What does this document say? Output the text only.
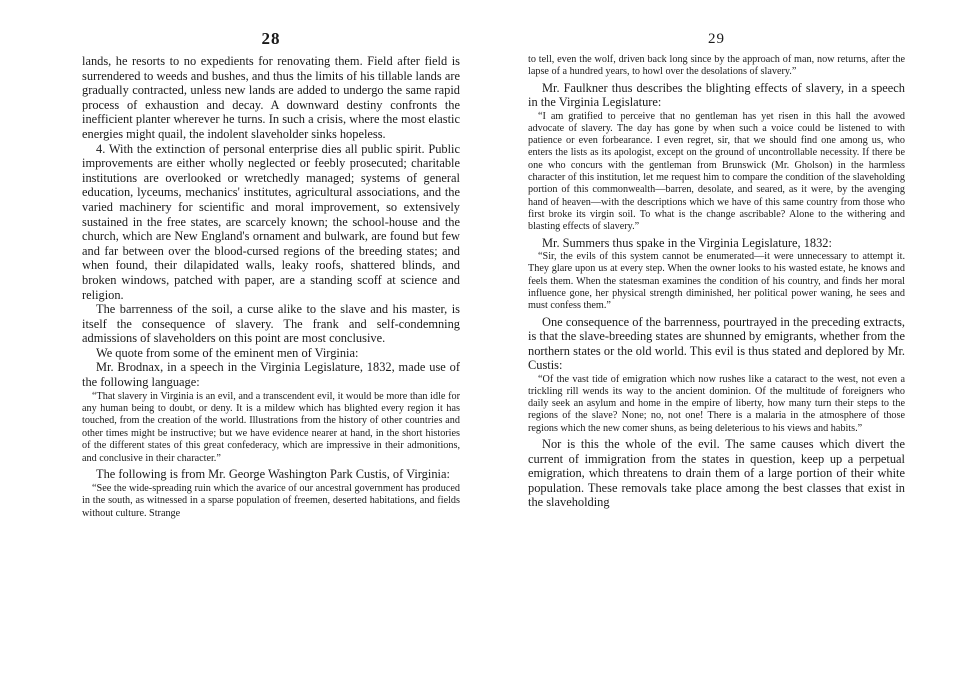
28

lands, he resorts to no expedients for renovating them. Field after field is surrendered to weeds and bushes, and thus the limits of his tillable lands are gradually contracted, unless new lands are added to undergo the same rapid process of exhaustion and decay. A downward destiny confronts the inefficient planter wherever he turns. In such a crisis, where the most elastic energies might quail, the indolent slaveholder sinks hopeless.

4. With the extinction of personal enterprise dies all public spirit. Public improvements are either wholly neglected or feebly prosecuted; charitable institutions are overlooked or wretchedly managed; systems of general education, lyceums, mechanics' institutes, agricultural associations, and the varied machinery for scientific and moral improvement, so extensively sustained in the free states, are scarcely known; the school-house and the church, which are New England's ornament and bulwark, are found but few and far between over the blood-cursed regions of the breeding states; and when found, their dilapidated walls, leaky roofs, shattered blinds, and broken windows, patched with paper, are a standing scoff at science and religion.

The barrenness of the soil, a curse alike to the slave and his master, is itself the consequence of slavery. The frank and self-condemning admissions of slaveholders on this point are most conclusive.

We quote from some of the eminent men of Virginia:

Mr. Brodnax, in a speech in the Virginia Legislature, 1832, made use of the following language:

“That slavery in Virginia is an evil, and a transcendent evil, it would be more than idle for any human being to doubt, or deny. It is a mildew which has blighted every region it has touched, from the creation of the world. Illustrations from the history of other countries and other times might be instructive; but we have evidence nearer at hand, in the short histories of the different states of this great confederacy, which are impressive in their admonitions, and conclusive in their character.”

The following is from Mr. George Washington Park Custis, of Virginia:

“See the wide-spreading ruin which the avarice of our ancestral government has produced in the south, as witnessed in a sparse population of freemen, deserted habitations, and fields without culture. Strange

29

to tell, even the wolf, driven back long since by the approach of man, now returns, after the lapse of a hundred years, to howl over the desolations of slavery.”

Mr. Faulkner thus describes the blighting effects of slavery, in a speech in the Virginia Legislature:

“I am gratified to perceive that no gentleman has yet risen in this hall the avowed advocate of slavery. The day has gone by when such a voice could be listened to with patience or even forbearance. I even regret, sir, that we should find one among us, who enters the lists as its apologist, except on the ground of uncontrollable necessity. If there be one who concurs with the gentleman from Brunswick (Mr. Gholson) in the harmless character of this institution, let me request him to compare the condition of the slaveholding portion of this commonwealth—barren, desolate, and seared, as it were, by the avenging hand of heaven—with the descriptions which we have of this same country from those who first broke its virgin soil. To what is the change ascribable? Alone to the withering and blasting effects of slavery.”

Mr. Summers thus spake in the Virginia Legislature, 1832:

“Sir, the evils of this system cannot be enumerated—it were unnecessary to attempt it. They glare upon us at every step. When the owner looks to his wasted estate, he knows and feels them. When the statesman examines the condition of his country, and finds her moral influence gone, her physical strength diminished, her political power waning, he sees and must confess them.”

One consequence of the barrenness, pourtrayed in the preceding extracts, is that the slave-breeding states are shunned by emigrants, whether from the northern states or the old world. This evil is thus stated and deplored by Mr. Custis:

“Of the vast tide of emigration which now rushes like a cataract to the west, not even a trickling rill wends its way to the ancient dominion. Of the multitude of foreigners who daily seek an asylum and home in the empire of liberty, how many turn their steps to the regions of the slave? None; no, not one! There is a malaria in the atmosphere of those regions which the new comer shuns, as being deleterious to his views and habits.”

Nor is this the whole of the evil. The same causes which divert the current of immigration from the states in question, keep up a perpetual emigration, which threatens to drain them of a large portion of their white population. These removals take place among the best classes that exist in the slaveholding
